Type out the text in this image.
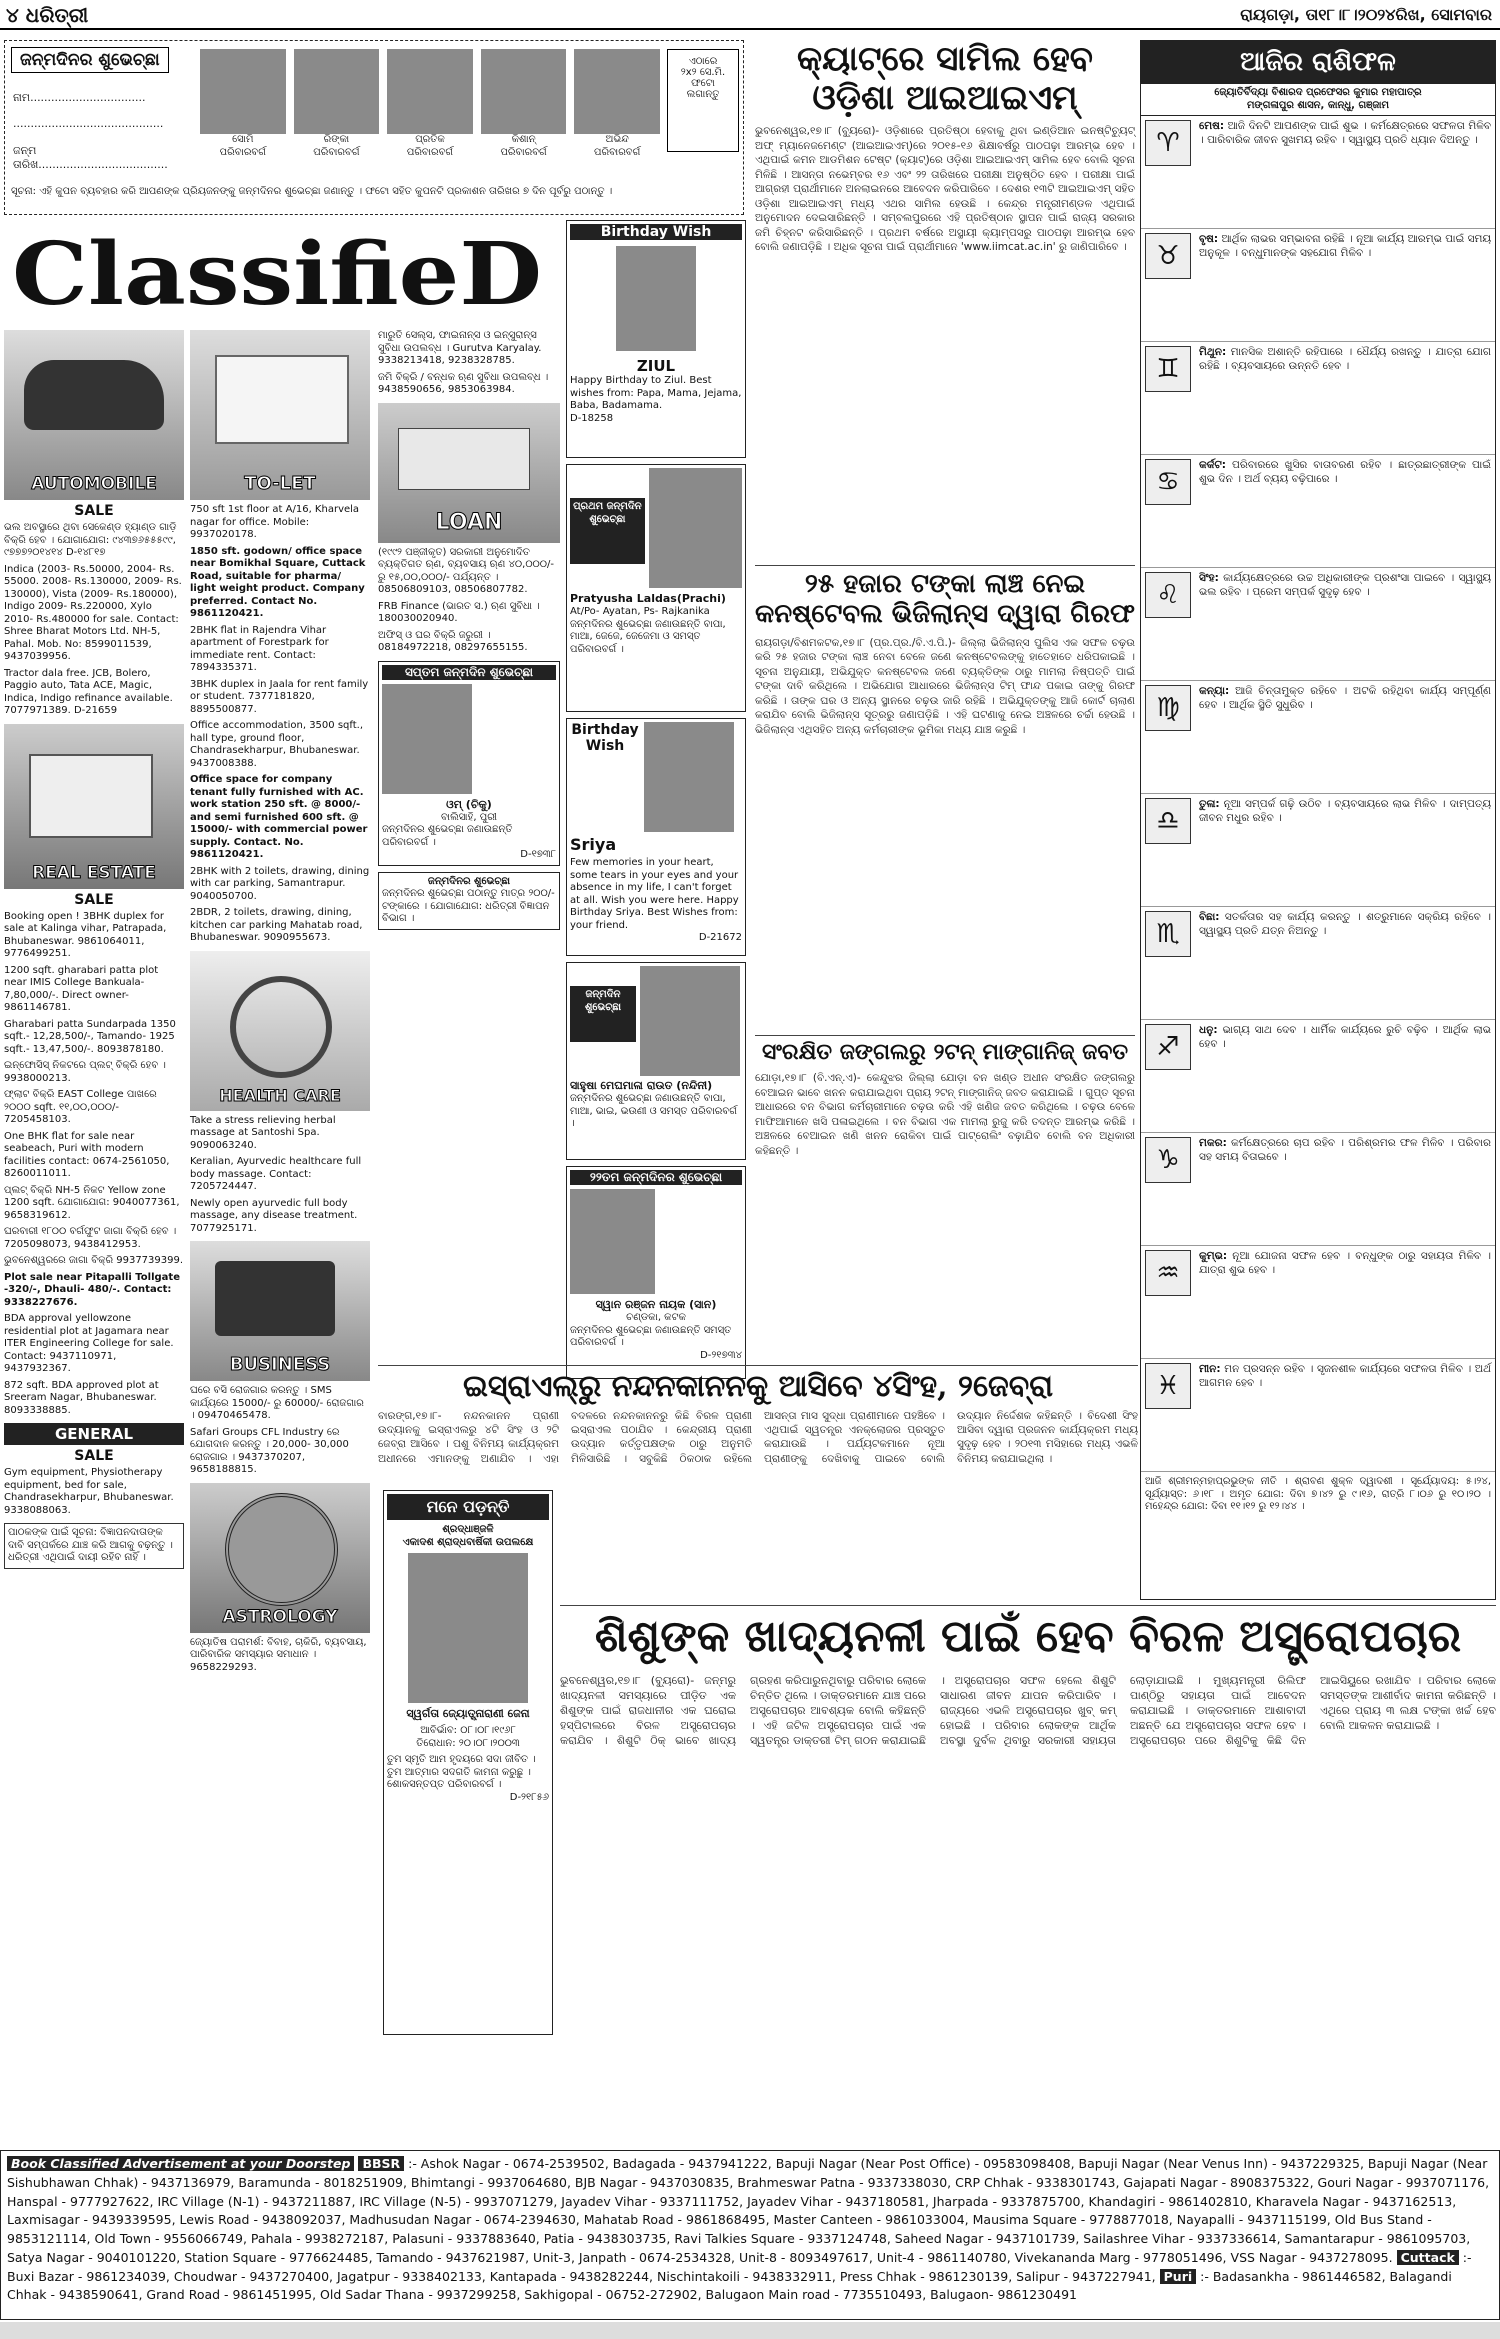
୪ ଧରିତ୍ରୀ	ରାୟଗଡ଼ା, ତା୧୮।୮।୨୦୨୪ରିଖ, ସୋମବାର
ଜନ୍ମଦିନର ଶୁଭେଚ୍ଛା
ନାମ.................................
...........................................
ଜନ୍ମ ତାରିଖ.....................................
ସୋମି
ପରିବାରବର୍ଗ
ରିଙ୍କା
ପରିବାରବର୍ଗ
ପ୍ରତିକ
ପରିବାରବର୍ଗ
କିଶାନ୍
ପରିବାରବର୍ଗ
ଅଭିନ୍ଦ
ପରିବାରବର୍ଗ
ଏଠାରେ
୨x୨ ସେ.ମି.
ଫଟୋ
ଲଗାନ୍ତୁ
ସୂଚନା: ଏହି କୁପନ ବ୍ୟବହାର କରି ଆପଣଙ୍କ ପ୍ରିୟଜନଙ୍କୁ ଜନ୍ମଦିନର ଶୁଭେଚ୍ଛା ଜଣାନ୍ତୁ । ଫଟୋ ସହିତ କୁପନଟି ପ୍ରକାଶନ ତାରିଖର ୭ ଦିନ ପୂର୍ବରୁ ପଠାନ୍ତୁ ।
ClassifieD
AUTOMOBILE
SALE
ଭଲ ଅବସ୍ଥାରେ ଥିବା ସେକେଣ୍ଡ ହ୍ୟାଣ୍ଡ ଗାଡ଼ି ବିକ୍ରି ହେବ । ଯୋଗାଯୋଗ: ୯୪୩୭୬୫୫୫୯୯, ୯୭୭୭୨୦୧୪୧୪ D-୧୪୮୧୭
Indica (2003- Rs.50000, 2004- Rs. 55000. 2008- Rs.130000, 2009- Rs. 130000), Vista (2009- Rs.180000), Indigo 2009- Rs.220000, Xylo 2010- Rs.480000 for sale. Contact: Shree Bharat Motors Ltd. NH-5, Pahal. Mob. No: 8599011539, 9437039956.
Tractor dala free. JCB, Bolero, Paggio auto, Tata ACE, Magic, Indica, Indigo refinance available. 7077971389. D-21659
REAL ESTATE
SALE
Booking open ! 3BHK duplex for sale at Kalinga vihar, Patrapada, Bhubaneswar. 9861064011, 9776499251.
1200 sqft. gharabari patta plot near IMIS College Bankuala- 7,80,000/-. Direct owner- 9861146781.
Gharabari patta Sundarpada 1350 sqft.- 12,28,500/-, Tamando- 1925 sqft.- 13,47,500/-. 8093878180.
ଇନ୍ଫୋସିସ୍ ନିକଟରେ ପ୍ଲଟ୍ ବିକ୍ରି ହେବ । 9938000213.
ଫ୍ଲାଟ ବିକ୍ରି EAST College ପାଖରେ ୨୦୦୦ sqft. ୧୧,୦୦,୦୦୦/- 7205458103.
One BHK flat for sale near seabeach, Puri with modern facilities contact: 0674-2561050, 8260011011.
ପ୍ଲଟ୍ ବିକ୍ରି NH-5 ନିକଟ Yellow zone 1200 sqft. ଯୋଗାଯୋଗ: 9040077361, 9658319612.
ଘରବାରୀ ୧୮୦୦ ବର୍ଗଫୁଟ ଜାଗା ବିକ୍ରି ହେବ । 7205098073, 9438412953.
ଭୁବନେଶ୍ୱରରେ ଜାଗା ବିକ୍ରି 9937739399.
Plot sale near Pitapalli Tollgate -320/-, Dhauli- 480/-. Contact: 9338227676.
BDA approval yellowzone residential plot at Jagamara near ITER Engineering College for sale. Contact: 9437110971, 9437932367.
872 sqft. BDA approved plot at Sreeram Nagar, Bhubaneswar. 8093338885.
GENERAL
SALE
Gym equipment, Physiotherapy equipment, bed for sale, Chandrasekharpur, Bhubaneswar. 9338088063.
ପାଠକଙ୍କ ପାଇଁ ସୂଚନା: ବିଜ୍ଞାପନଦାତାଙ୍କ ଦାବି ସମ୍ପର୍କରେ ଯାଞ୍ଚ କରି ଆଗକୁ ବଢ଼ନ୍ତୁ । ଧରିତ୍ରୀ ଏଥିପାଇଁ ଦାୟୀ ରହିବ ନାହିଁ ।
TO-LET
750 sft 1st floor at A/16, Kharvela nagar for office. Mobile: 9937020178.
1850 sft. godown/ office space near Bomikhal Square, Cuttack Road, suitable for pharma/ light weight product. Company preferred. Contact No. 9861120421.
2BHK flat in Rajendra Vihar apartment of Forestpark for immediate rent. Contact: 7894335371.
3BHK duplex in Jaala for rent family or student. 7377181820, 8895500877.
Office accommodation, 3500 sqft., hall type, ground floor, Chandrasekharpur, Bhubaneswar. 9437008388.
Office space for company tenant fully furnished with AC. work station 250 sft. @ 8000/- and semi furnished 600 sft. @ 15000/- with commercial power supply. Contact. No. 9861120421.
2BHK with 2 toilets, drawing, dining with car parking, Samantrapur. 9040050700.
2BDR, 2 toilets, drawing, dining, kitchen car parking Mahatab road, Bhubaneswar. 9090955673.
HEALTH CARE
Take a stress relieving herbal massage at Santoshi Spa. 9090063240.
Keralian, Ayurvedic healthcare full body massage. Contact: 7205724447.
Newly open ayurvedic full body massage, any disease treatment. 7077925171.
BUSINESS
ଘରେ ବସି ରୋଜଗାର କରନ୍ତୁ । SMS କାର୍ଯ୍ୟରେ 15000/- ରୁ 60000/- ରୋଜଗାର । 09470465478.
Safari Groups CFL Industry ରେ ଯୋଗଦାନ କରନ୍ତୁ । 20,000- 30,000 ରୋଜଗାର । 9437370207, 9658188815.
ASTROLOGY
ଜ୍ୟୋତିଷ ପରାମର୍ଶ: ବିବାହ, ଚାକିରି, ବ୍ୟବସାୟ, ପାରିବାରିକ ସମସ୍ୟାର ସମାଧାନ । 9658229293.
ମାରୁତି ସେଲ୍‌ସ, ଫାଇନାନ୍ସ ଓ ଇନ୍ସୁରାନ୍ସ ସୁବିଧା ଉପଲବ୍ଧ । Gurutva Karyalay. 9338213418, 9238328785.
ଜମି ବିକ୍ରି / ବନ୍ଧକ ଋଣ ସୁବିଧା ଉପଲବ୍ଧ । 9438590656, 9853063984.
LOAN
(୧୯୯୨ ପଞ୍ଜୀକୃତ) ସରକାରୀ ଅନୁମୋଦିତ ବ୍ୟକ୍ତିଗତ ଋଣ, ବ୍ୟବସାୟ ଋଣ ୪୦,୦୦୦/- ରୁ ୧୫,୦୦,୦୦୦/- ପର୍ଯ୍ୟନ୍ତ । 08506809103, 08506807782.
FRB Finance (ଭାରତ ସ.) ଋଣ ସୁବିଧା । 180030020940.
ଅଫିସ୍ ଓ ଘର ବିକ୍ରି ଜରୁରୀ । 08184972218, 08297655155.
ସପ୍ତମ ଜନ୍ମଦିନ ଶୁଭେଚ୍ଛା
ଓମ୍ (ଚିକୁ)
ବାଲିସାହି, ପୁରୀ
ଜନ୍ମଦିନର ଶୁଭେଚ୍ଛା ଜଣାଉଛନ୍ତି ପରିବାରବର୍ଗ ।
D-୧୭୩୮
ଜନ୍ମଦିନର ଶୁଭେଚ୍ଛା
ଜନ୍ମଦିନର ଶୁଭେଚ୍ଛା ପଠାନ୍ତୁ ମାତ୍ର ୨୦୦/- ଟଙ୍କାରେ । ଯୋଗାଯୋଗ: ଧରିତ୍ରୀ ବିଜ୍ଞାପନ ବିଭାଗ ।
Birthday Wish
ZIUL
Happy Birthday to Ziul. Best wishes from: Papa, Mama, Jejama, Baba, Badamama.
D-18258
ପ୍ରଥମ ଜନ୍ମଦିନ ଶୁଭେଚ୍ଛା
Pratyusha Laldas(Prachi)
At/Po- Ayatan, Ps- Rajkanika
ଜନ୍ମଦିନର ଶୁଭେଚ୍ଛା ଜଣାଉଛନ୍ତି ବାପା, ମାଆ, ଜେଜେ, ଜେଜେମା ଓ ସମସ୍ତ ପରିବାରବର୍ଗ ।
Birthday Wish
Sriya
Few memories in your heart, some tears in your eyes and your absence in my life, I can't forget at all. Wish you were here. Happy Birthday Sriya. Best Wishes from: your friend.
D-21672
ଜନ୍ମଦିନ ଶୁଭେଚ୍ଛା
ସାହୁଷା ମେଘମାଳା ରାଉତ (ନନ୍ଦିନୀ)
ଜନ୍ମଦିନର ଶୁଭେଚ୍ଛା ଜଣାଉଛନ୍ତି ବାପା, ମାଆ, ଭାଇ, ଭଉଣୀ ଓ ସମସ୍ତ ପରିବାରବର୍ଗ ।
୨୨ତମ ଜନ୍ମଦିନର ଶୁଭେଚ୍ଛା
ସ୍ୱାନ ରଞ୍ଜନ ନାୟକ (ସାନ)
ଚଣ୍ଡକା, କଟକ
ଜନ୍ମଦିନର ଶୁଭେଚ୍ଛା ଜଣାଉଛନ୍ତି ସମସ୍ତ ପରିବାରବର୍ଗ ।
D-୨୧୭୩୪
ମନେ ପଡ଼ନ୍ତି
ଶ୍ରଦ୍ଧାଞ୍ଜଳି
ଏକାଦଶ ଶ୍ରାଦ୍ଧବାର୍ଷିକୀ ଉପଲକ୍ଷେ
ସ୍ୱର୍ଗତା ଜ୍ୟୋତ୍ସ୍ନାରାଣୀ ଜେନା
ଆବିର୍ଭାବ: ୦୮।୦୮।୧୯୬୮
ତିରୋଧାନ: ୨୦।୦୮।୨୦୦୩
ତୁମ ସ୍ମୃତି ଆମ ହୃଦୟରେ ସଦା ଜୀବିତ । ତୁମ ଆତ୍ମାର ସଦଗତି କାମନା କରୁଛୁ । ଶୋକସନ୍ତପ୍ତ ପରିବାରବର୍ଗ ।
D-୨୧୮୫୬
କ୍ୟାଟ୍‌ରେ ସାମିଲ ହେବ
ଓଡ଼ିଶା ଆଇଆଇଏମ୍
ଭୁବନେଶ୍ୱର,୧୭।୮ (ବ୍ୟୁରୋ)- ଓଡ଼ିଶାରେ ପ୍ରତିଷ୍ଠା ହେବାକୁ ଥିବା ଇଣ୍ଡିଆନ ଇନଷ୍ଟିଚ୍ୟୁଟ୍ ଅଫ୍ ମ୍ୟାନେଜମେଣ୍ଟ (ଆଇଆଇଏମ୍)ରେ ୨୦୧୫-୧୬ ଶିକ୍ଷାବର୍ଷରୁ ପାଠପଢ଼ା ଆରମ୍ଭ ହେବ । ଏଥିପାଇଁ କମନ ଆଡମିଶନ ଟେଷ୍ଟ (କ୍ୟାଟ୍)ରେ ଓଡ଼ିଶା ଆଇଆଇଏମ୍ ସାମିଲ ହେବ ବୋଲି ସୂଚନା ମିଳିଛି । ଆସନ୍ତା ନଭେମ୍ବର ୧୬ ଏବଂ ୨୨ ତାରିଖରେ ପରୀକ୍ଷା ଅନୁଷ୍ଠିତ ହେବ । ପରୀକ୍ଷା ପାଇଁ ଆଗ୍ରହୀ ପ୍ରାର୍ଥୀମାନେ ଅନଲାଇନରେ ଆବେଦନ କରିପାରିବେ । ଦେଶର ୧୩ଟି ଆଇଆଇଏମ୍ ସହିତ ଓଡ଼ିଶା ଆଇଆଇଏମ୍ ମଧ୍ୟ ଏଥର ସାମିଲ ହେଉଛି । କେନ୍ଦ୍ର ମନ୍ତ୍ରୀମଣ୍ଡଳ ଏଥିପାଇଁ ଅନୁମୋଦନ ଦେଇସାରିଛନ୍ତି । ସମ୍ବଲପୁରରେ ଏହି ପ୍ରତିଷ୍ଠାନ ସ୍ଥାପନ ପାଇଁ ରାଜ୍ୟ ସରକାର ଜମି ଚିହ୍ନଟ କରିସାରିଛନ୍ତି । ପ୍ରଥମ ବର୍ଷରେ ଅସ୍ଥାୟୀ କ୍ୟାମ୍ପସରୁ ପାଠପଢ଼ା ଆରମ୍ଭ ହେବ ବୋଲି ଜଣାପଡ଼ିଛି । ଅଧିକ ସୂଚନା ପାଇଁ ପ୍ରାର୍ଥୀମାନେ 'www.iimcat.ac.in' ରୁ ଜାଣିପାରିବେ ।
୨୫ ହଜାର ଟଙ୍କା ଲାଞ୍ଚ ନେଇ
କନଷ୍ଟେବଲ ଭିଜିଲାନ୍ସ ଦ୍ୱାରା ଗିରଫ
ରାୟଗଡ଼ା/ବିଶମକଟକ,୧୭।୮ (ପ୍ର.ପ୍ର./ବି.ଏ.ପି.)- ଜିଲ୍ଲା ଭିଜିଲାନ୍ସ ପୁଲିସ ଏକ ସଫଳ ଚଢ଼ଉ କରି ୨୫ ହଜାର ଟଙ୍କା ଲାଞ୍ଚ ନେବା ବେଳେ ଜଣେ କନଷ୍ଟେବଲଙ୍କୁ ହାତେହାତେ ଧରିପକାଇଛି । ସୂଚନା ଅନୁଯାୟୀ, ଅଭିଯୁକ୍ତ କନଷ୍ଟେବଲ ଜଣେ ବ୍ୟକ୍ତିଙ୍କ ଠାରୁ ମାମଲା ନିଷ୍ପତ୍ତି ପାଇଁ ଟଙ୍କା ଦାବି କରିଥିଲେ । ଅଭିଯୋଗ ଆଧାରରେ ଭିଜିଲାନ୍ସ ଟିମ୍ ଫାନ୍ଦ ପକାଇ ତାଙ୍କୁ ଗିରଫ କରିଛି । ତାଙ୍କ ଘର ଓ ଅନ୍ୟ ସ୍ଥାନରେ ଚଢ଼ଉ ଜାରି ରହିଛି । ଅଭିଯୁକ୍ତଙ୍କୁ ଆଜି କୋର୍ଟ ଚାଲାଣ କରାଯିବ ବୋଲି ଭିଜିଲାନ୍ସ ସୂତ୍ରରୁ ଜଣାପଡ଼ିଛି । ଏହି ଘଟଣାକୁ ନେଇ ଅଞ୍ଚଳରେ ଚର୍ଚ୍ଚା ହେଉଛି । ଭିଜିଲାନ୍ସ ଏଥିସହିତ ଅନ୍ୟ କର୍ମଚାରୀଙ୍କ ଭୂମିକା ମଧ୍ୟ ଯାଞ୍ଚ କରୁଛି ।
ସଂରକ୍ଷିତ ଜଙ୍ଗଲରୁ ୨ଟନ୍ ମାଙ୍ଗାନିଜ୍ ଜବତ
ଯୋଡ଼ା,୧୭।୮ (ବି.ଏନ୍.ଏ)- କେନ୍ଦୁଝର ଜିଲ୍ଲା ଯୋଡ଼ା ବନ ଖଣ୍ଡ ଅଧୀନ ସଂରକ୍ଷିତ ଜଙ୍ଗଲରୁ ବେଆଇନ ଭାବେ ଖନନ କରାଯାଇଥିବା ପ୍ରାୟ ୨ଟନ୍ ମାଙ୍ଗାନିଜ୍ ଜବତ କରାଯାଇଛି । ଗୁପ୍ତ ସୂଚନା ଆଧାରରେ ବନ ବିଭାଗ କର୍ମଚାରୀମାନେ ଚଢ଼ଉ କରି ଏହି ଖଣିଜ ଜବତ କରିଥିଲେ । ଚଢ଼ଉ ବେଳେ ମାଫିଆମାନେ ଖସି ପଳାଇଥିଲେ । ବନ ବିଭାଗ ଏକ ମାମଲା ରୁଜୁ କରି ତଦନ୍ତ ଆରମ୍ଭ କରିଛି । ଅଞ୍ଚଳରେ ବେଆଇନ ଖଣି ଖନନ ରୋକିବା ପାଇଁ ପାଟ୍ରୋଲିଂ ବଢ଼ାଯିବ ବୋଲି ବନ ଅଧିକାରୀ କହିଛନ୍ତି ।
ଆଜିର ରାଶିଫଳ
ଜ୍ୟୋତିର୍ବିଦ୍ୟା ବିଶାରଦ ପ୍ରଫେସର କୁମାର ମହାପାତ୍ର
ମଙ୍ଗଳାପୁର ଶାସନ, କାନ୍ଧୁ, ଗଞ୍ଜାମ
♈
ମେଷ: ଆଜି ଦିନଟି ଆପଣଙ୍କ ପାଇଁ ଶୁଭ । କର୍ମକ୍ଷେତ୍ରରେ ସଫଳତା ମିଳିବ । ପାରିବାରିକ ଜୀବନ ସୁଖମୟ ରହିବ । ସ୍ୱାସ୍ଥ୍ୟ ପ୍ରତି ଧ୍ୟାନ ଦିଅନ୍ତୁ ।
♉
ବୃଷ: ଆର୍ଥିକ ଲାଭର ସମ୍ଭାବନା ରହିଛି । ନୂଆ କାର୍ଯ୍ୟ ଆରମ୍ଭ ପାଇଁ ସମୟ ଅନୁକୂଳ । ବନ୍ଧୁମାନଙ୍କ ସହଯୋଗ ମିଳିବ ।
♊
ମିଥୁନ: ମାନସିକ ଅଶାନ୍ତି ରହିପାରେ । ଧୈର୍ଯ୍ୟ ରଖନ୍ତୁ । ଯାତ୍ରା ଯୋଗ ରହିଛି । ବ୍ୟବସାୟରେ ଉନ୍ନତି ହେବ ।
♋
କର୍କଟ: ପରିବାରରେ ଖୁସିର ବାତାବରଣ ରହିବ । ଛାତ୍ରଛାତ୍ରୀଙ୍କ ପାଇଁ ଶୁଭ ଦିନ । ଅର୍ଥ ବ୍ୟୟ ବଢ଼ିପାରେ ।
♌
ସିଂହ: କାର୍ଯ୍ୟକ୍ଷେତ୍ରରେ ଉଚ୍ଚ ଅଧିକାରୀଙ୍କ ପ୍ରଶଂସା ପାଇବେ । ସ୍ୱାସ୍ଥ୍ୟ ଭଲ ରହିବ । ପ୍ରେମ ସମ୍ପର୍କ ସୁଦୃଢ଼ ହେବ ।
♍
କନ୍ୟା: ଆଜି ଚିନ୍ତାମୁକ୍ତ ରହିବେ । ଅଟକି ରହିଥିବା କାର୍ଯ୍ୟ ସମ୍ପୂର୍ଣ୍ଣ ହେବ । ଆର୍ଥିକ ସ୍ଥିତି ସୁଧୁରିବ ।
♎
ତୁଳା: ନୂଆ ସମ୍ପର୍କ ଗଢ଼ି ଉଠିବ । ବ୍ୟବସାୟରେ ଲାଭ ମିଳିବ । ଦାମ୍ପତ୍ୟ ଜୀବନ ମଧୁର ରହିବ ।
♏
ବିଛା: ସତର୍କତାର ସହ କାର୍ଯ୍ୟ କରନ୍ତୁ । ଶତ୍ରୁମାନେ ସକ୍ରିୟ ରହିବେ । ସ୍ୱାସ୍ଥ୍ୟ ପ୍ରତି ଯତ୍ନ ନିଅନ୍ତୁ ।
♐
ଧନୁ: ଭାଗ୍ୟ ସାଥ ଦେବ । ଧାର୍ମିକ କାର୍ଯ୍ୟରେ ରୁଚି ବଢ଼ିବ । ଆର୍ଥିକ ଲାଭ ହେବ ।
♑
ମକର: କର୍ମକ୍ଷେତ୍ରରେ ଚାପ ରହିବ । ପରିଶ୍ରମର ଫଳ ମିଳିବ । ପରିବାର ସହ ସମୟ ବିତାଇବେ ।
♒
କୁମ୍ଭ: ନୂଆ ଯୋଜନା ସଫଳ ହେବ । ବନ୍ଧୁଙ୍କ ଠାରୁ ସହାୟତା ମିଳିବ । ଯାତ୍ରା ଶୁଭ ହେବ ।
♓
ମୀନ: ମନ ପ୍ରସନ୍ନ ରହିବ । ସୃଜନଶୀଳ କାର୍ଯ୍ୟରେ ସଫଳତା ମିଳିବ । ଅର୍ଥ ଆଗମନ ହେବ ।
ଆଜି ଶ୍ରୀମନ୍ମହାପ୍ରଭୁଙ୍କ ନୀତି । ଶ୍ରାବଣ ଶୁକ୍ଳ ଦ୍ୱାଦଶୀ । ସୂର୍ଯ୍ୟୋଦୟ: ୫।୨୪, ସୂର୍ଯ୍ୟାସ୍ତ: ୬।୧୮ । ଅମୃତ ଯୋଗ: ଦିବା ୭।୪୨ ରୁ ୯।୧୬, ରାତ୍ରି ୮।୦୬ ରୁ ୧୦।୨୦ । ମହେନ୍ଦ୍ର ଯୋଗ: ଦିବା ୧୧।୧୨ ରୁ ୧୨।୪୪ ।
ଇସ୍ରାଏଲ୍‌ରୁ ନନ୍ଦନକାନନକୁ ଆସିବେ ୪ସିଂହ, ୨ଜେବ୍ରା
ବାରଙ୍ଗ,୧୭।୮- ନନ୍ଦନକାନନ ପ୍ରାଣୀ ଉଦ୍ୟାନକୁ ଇସ୍ରାଏଲରୁ ୪ଟି ସିଂହ ଓ ୨ଟି ଜେବ୍ରା ଆସିବେ । ପଶୁ ବିନିମୟ କାର୍ଯ୍ୟକ୍ରମ ଅଧୀନରେ ଏମାନଙ୍କୁ ଅଣାଯିବ । ଏହା ବଦଳରେ ନନ୍ଦନକାନନରୁ କିଛି ବିରଳ ପ୍ରାଣୀ ଇସ୍ରାଏଲ ପଠାଯିବ । କେନ୍ଦ୍ରୀୟ ପ୍ରାଣୀ ଉଦ୍ୟାନ କର୍ତ୍ତୃପକ୍ଷଙ୍କ ଠାରୁ ଅନୁମତି ମିଳିସାରିଛି । ସବୁକିଛି ଠିକଠାକ ରହିଲେ ଆସନ୍ତା ମାସ ସୁଦ୍ଧା ପ୍ରାଣୀମାନେ ପହଞ୍ଚିବେ । ଏଥିପାଇଁ ସ୍ୱତନ୍ତ୍ର ଏନକ୍ଲୋଜର ପ୍ରସ୍ତୁତ କରାଯାଉଛି । ପର୍ଯ୍ୟଟକମାନେ ନୂଆ ପ୍ରାଣୀଙ୍କୁ ଦେଖିବାକୁ ପାଇବେ ବୋଲି ଉଦ୍ୟାନ ନିର୍ଦ୍ଦେଶକ କହିଛନ୍ତି । ବିଦେଶୀ ସିଂହ ଆସିବା ଦ୍ୱାରା ପ୍ରଜନନ କାର୍ଯ୍ୟକ୍ରମ ମଧ୍ୟ ସୁଦୃଢ଼ ହେବ । ୨୦୧୩ ମସିହାରେ ମଧ୍ୟ ଏଭଳି ବିନିମୟ କରାଯାଇଥିଲା ।
ଶିଶୁଙ୍କ ଖାଦ୍ୟନଳୀ ପାଇଁ ହେବ ବିରଳ ଅସ୍ତ୍ରୋପଚାର
ଭୁବନେଶ୍ୱର,୧୭।୮ (ବ୍ୟୁରୋ)- ଜନ୍ମରୁ ଖାଦ୍ୟନଳୀ ସମସ୍ୟାରେ ପୀଡ଼ିତ ଏକ ଶିଶୁଙ୍କ ପାଇଁ ରାଜଧାନୀର ଏକ ଘରୋଇ ହସ୍ପିଟାଲରେ ବିରଳ ଅସ୍ତ୍ରୋପଚାର କରାଯିବ । ଶିଶୁଟି ଠିକ୍ ଭାବେ ଖାଦ୍ୟ ଗ୍ରହଣ କରିପାରୁନଥିବାରୁ ପରିବାର ଲୋକେ ଚିନ୍ତିତ ଥିଲେ । ଡାକ୍ତରମାନେ ଯାଞ୍ଚ ପରେ ଅସ୍ତ୍ରୋପଚାର ଆବଶ୍ୟକ ବୋଲି କହିଛନ୍ତି । ଏହି ଜଟିଳ ଅସ୍ତ୍ରୋପଚାର ପାଇଁ ଏକ ସ୍ୱତନ୍ତ୍ର ଡାକ୍ତରୀ ଟିମ୍ ଗଠନ କରାଯାଇଛି । ଅସ୍ତ୍ରୋପଚାର ସଫଳ ହେଲେ ଶିଶୁଟି ସାଧାରଣ ଜୀବନ ଯାପନ କରିପାରିବ । ରାଜ୍ୟରେ ଏଭଳି ଅସ୍ତ୍ରୋପଚାର ଖୁବ୍ କମ୍ ହୋଇଛି । ପରିବାର ଲୋକଙ୍କ ଆର୍ଥିକ ଅବସ୍ଥା ଦୁର୍ବଳ ଥିବାରୁ ସରକାରୀ ସହାୟତା ଲୋଡ଼ାଯାଇଛି । ମୁଖ୍ୟମନ୍ତ୍ରୀ ରିଲିଫ ପାଣ୍ଠିରୁ ସହାୟତା ପାଇଁ ଆବେଦନ କରାଯାଇଛି । ଡାକ୍ତରମାନେ ଆଶାବାଦୀ ଅଛନ୍ତି ଯେ ଅସ୍ତ୍ରୋପଚାର ସଫଳ ହେବ । ଅସ୍ତ୍ରୋପଚାର ପରେ ଶିଶୁଟିକୁ କିଛି ଦିନ ଆଇସିୟୁରେ ରଖାଯିବ । ପରିବାର ଲୋକେ ସମସ୍ତଙ୍କ ଆଶୀର୍ବାଦ କାମନା କରିଛନ୍ତି । ଏଥିରେ ପ୍ରାୟ ୩ ଲକ୍ଷ ଟଙ୍କା ଖର୍ଚ୍ଚ ହେବ ବୋଲି ଆକଳନ କରାଯାଇଛି ।
Book Classified Advertisement at your Doorstep BBSR :- Ashok Nagar - 0674-2539502, Badagada - 9437941222, Bapuji Nagar (Near Post Office) - 09583098408, Bapuji Nagar (Near Venus Inn) - 9437229325, Bapuji Nagar (Near Sishubhawan Chhak) - 9437136979, Baramunda - 8018251909, Bhimtangi - 9937064680, BJB Nagar - 9437030835, Brahmeswar Patna - 9337338030, CRP Chhak - 9338301743, Gajapati Nagar - 8908375322, Gouri Nagar - 9937071176, Hanspal - 9777927622, IRC Village (N-1) - 9437211887, IRC Village (N-5) - 9937071279, Jayadev Vihar - 9337111752, Jayadev Vihar - 9437180581, Jharpada - 9337875700, Khandagiri - 9861402810, Kharavela Nagar - 9437162513, Laxmisagar - 9439339595, Lewis Road - 9438092037, Madhusudan Nagar - 0674-2394630, Mahatab Road - 9861868495, Master Canteen - 9861033004, Mausima Square - 9778877018, Nayapalli - 9437115199, Old Bus Stand - 9853121114, Old Town - 9556066749, Pahala - 9938272187, Palasuni - 9337883640, Patia - 9438303735, Ravi Talkies Square - 9337124748, Saheed Nagar - 9437101739, Sailashree Vihar - 9337336614, Samantarapur - 9861095703, Satya Nagar - 9040101220, Station Square - 9776624485, Tamando - 9437621987, Unit-3, Janpath - 0674-2534328, Unit-8 - 8093497617, Unit-4 - 9861140780, Vivekananda Marg - 9778051496, VSS Nagar - 9437278095. Cuttack :- Buxi Bazar - 9861234039, Choudwar - 9437270400, Jagatpur - 9338402133, Kantapada - 9438282244, Nischintakoili - 9438332911, Press Chhak - 9861230139, Salipur - 9437227941, Puri :- Badasankha - 9861446582, Balagandi Chhak - 9438590641, Grand Road - 9861451995, Old Sadar Thana - 9937299258, Sakhigopal - 06752-272902, Balugaon Main road - 7735510493, Balugaon- 9861230491
